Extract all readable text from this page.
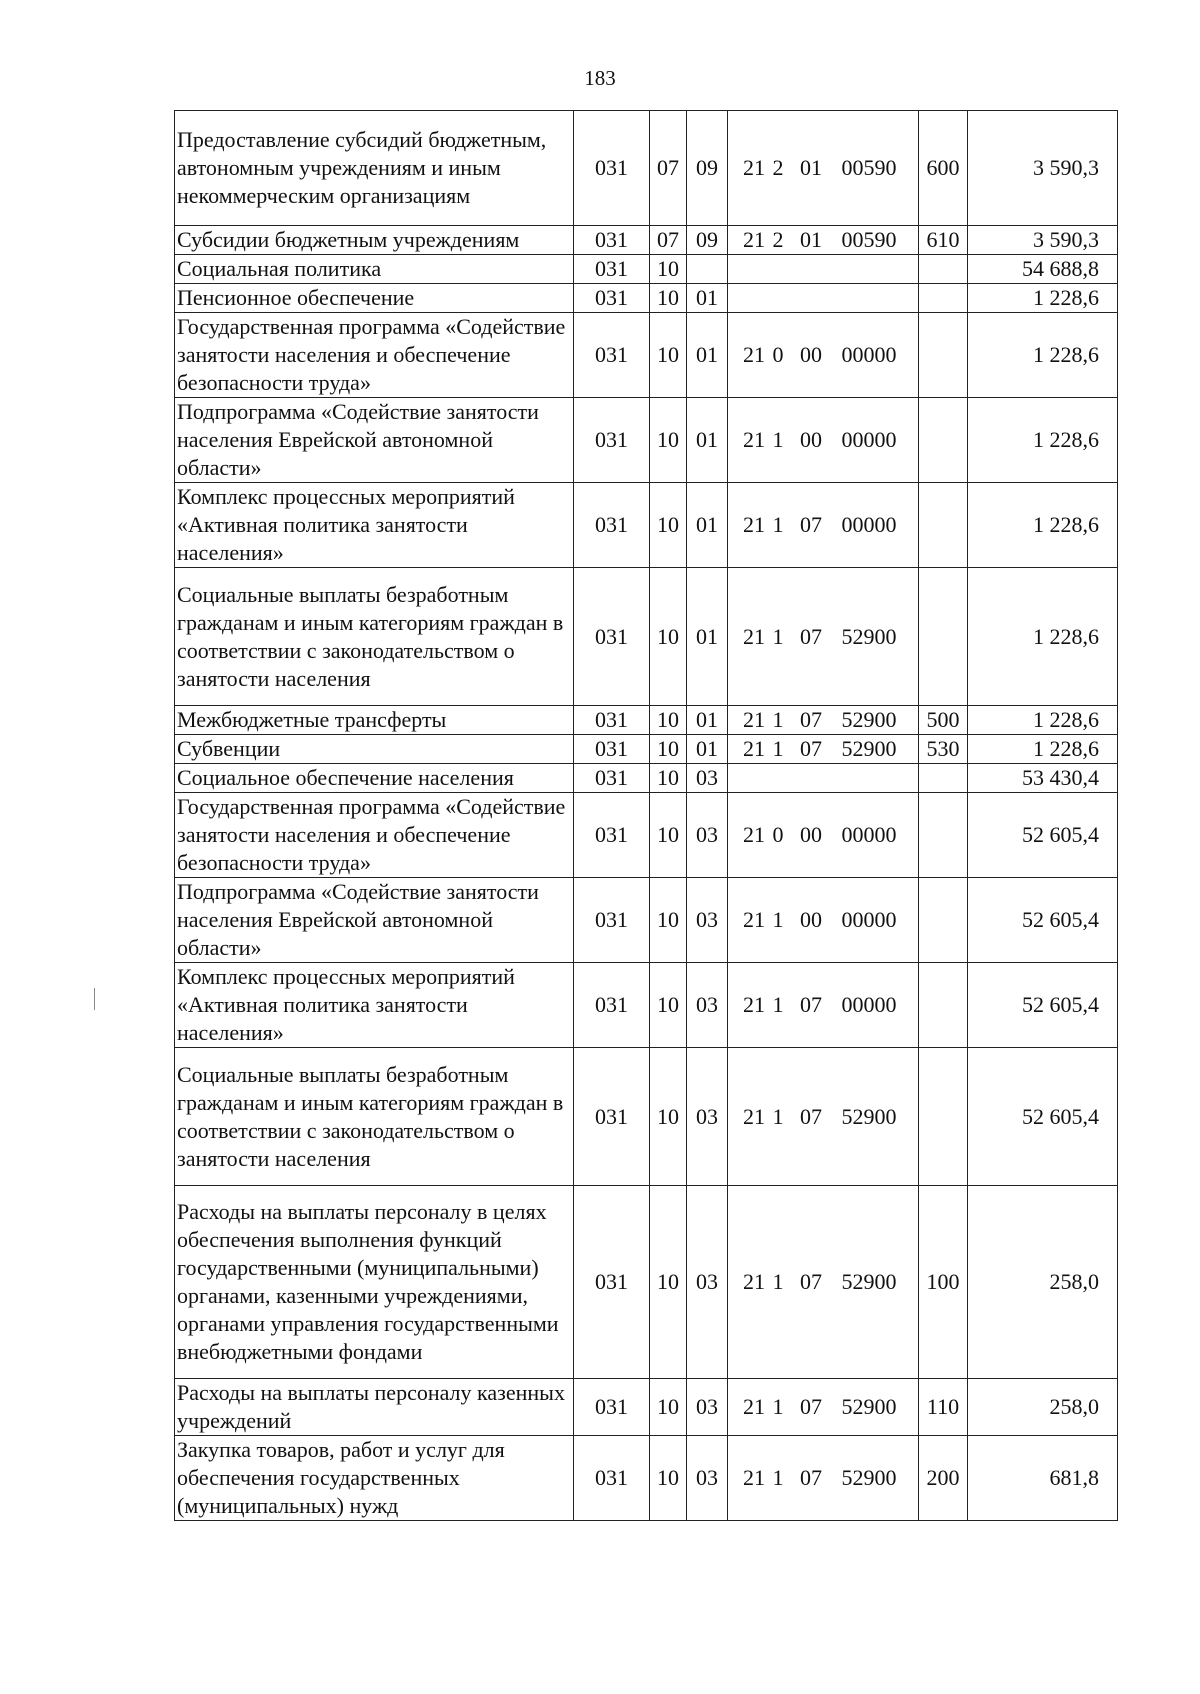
183
Предоставление субсидий бюджетным, автономным учреждениям и иным некоммерческим организациям	031	07	09	21 2 01 00590	600	3 590,3
Субсидии бюджетным учреждениям	031	07	09	21 2 01 00590	610	3 590,3
Социальная политика	031	10				54 688,8
Пенсионное обеспечение	031	10	01			1 228,6
Государственная программа «Содействие занятости населения и обеспечение безопасности труда»	031	10	01	21 0 00 00000		1 228,6
Подпрограмма «Содействие занятости населения Еврейской автономной области»	031	10	01	21 1 00 00000		1 228,6
Комплекс процессных мероприятий «Активная политика занятости населения»	031	10	01	21 1 07 00000		1 228,6
Социальные выплаты безработным гражданам и иным категориям граждан в соответствии с законодательством о занятости населения	031	10	01	21 1 07 52900		1 228,6
Межбюджетные трансферты	031	10	01	21 1 07 52900	500	1 228,6
Субвенции	031	10	01	21 1 07 52900	530	1 228,6
Социальное обеспечение населения	031	10	03			53 430,4
Государственная программа «Содействие занятости населения и обеспечение безопасности труда»	031	10	03	21 0 00 00000		52 605,4
Подпрограмма «Содействие занятости населения Еврейской автономной области»	031	10	03	21 1 00 00000		52 605,4
Комплекс процессных мероприятий «Активная политика занятости населения»	031	10	03	21 1 07 00000		52 605,4
Социальные выплаты безработным гражданам и иным категориям граждан в соответствии с законодательством о занятости населения	031	10	03	21 1 07 52900		52 605,4
Расходы на выплаты персоналу в целях обеспечения выполнения функций государственными (муниципальными) органами, казенными учреждениями, органами управления государственными внебюджетными фондами	031	10	03	21 1 07 52900	100	258,0
Расходы на выплаты персоналу казенных учреждений	031	10	03	21 1 07 52900	110	258,0
Закупка товаров, работ и услуг для обеспечения государственных (муниципальных) нужд	031	10	03	21 1 07 52900	200	681,8
